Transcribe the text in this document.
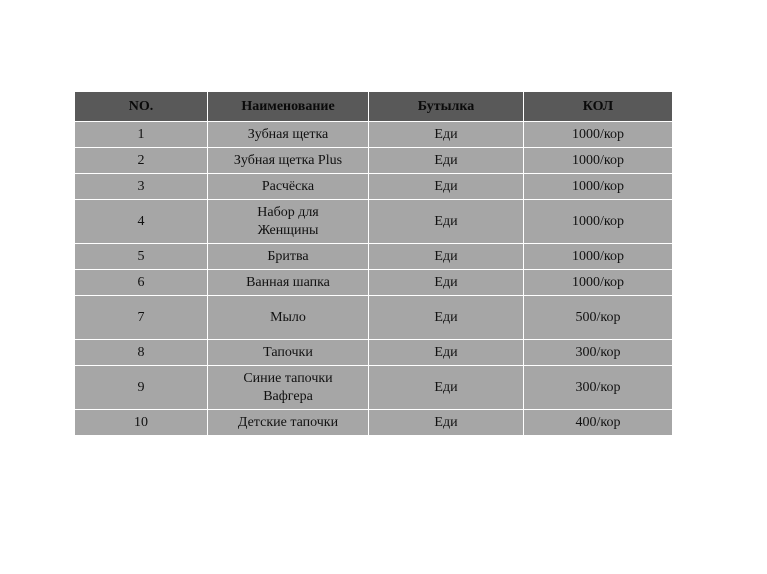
NO.	Наименование	Бутылка	КОЛ
1	Зубная щетка	Еди	1000/кор
2	Зубная щетка Plus	Еди	1000/кор
3	Расчёска	Еди	1000/кор
4	Набор для Женщины	Еди	1000/кор
5	Бритва	Еди	1000/кор
6	Ванная шапка	Еди	1000/кор
7	Мыло	Еди	500/кор
8	Тапочки	Еди	300/кор
9	Синие тапочки Вафгера	Еди	300/кор
10	Детские тапочки	Еди	400/кор
